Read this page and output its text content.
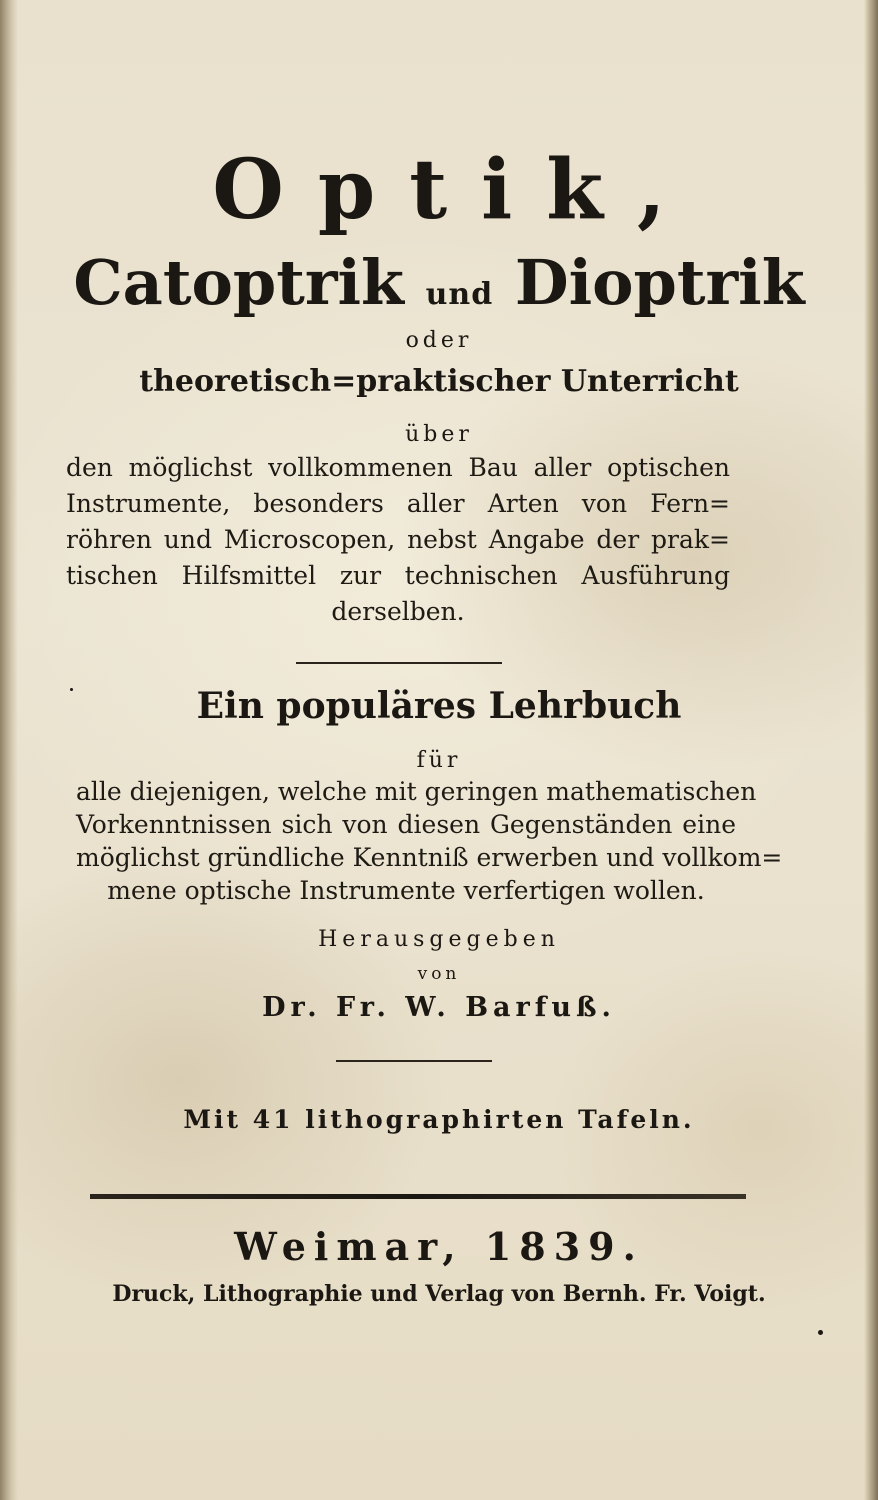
Optik,
Catoptrik und Dioptrik
oder
theoretisch=praktischer Unterricht
über
den möglichst vollkommenen Bau aller optischen
Instrumente, besonders aller Arten von Fern=
röhren und Microscopen, nebst Angabe der prak=
tischen Hilfsmittel zur technischen Ausführung
derselben.
Ein populäres Lehrbuch
für
alle diejenigen, welche mit geringen mathematischen
Vorkenntnissen sich von diesen Gegenständen eine
möglichst gründliche Kenntniß erwerben und vollkom=
mene optische Instrumente verfertigen wollen.
Herausgegeben
von
Dr. Fr. W. Barfuß.
Mit 41 lithographirten Tafeln.
Weimar, 1839.
Druck, Lithographie und Verlag von Bernh. Fr. Voigt.
